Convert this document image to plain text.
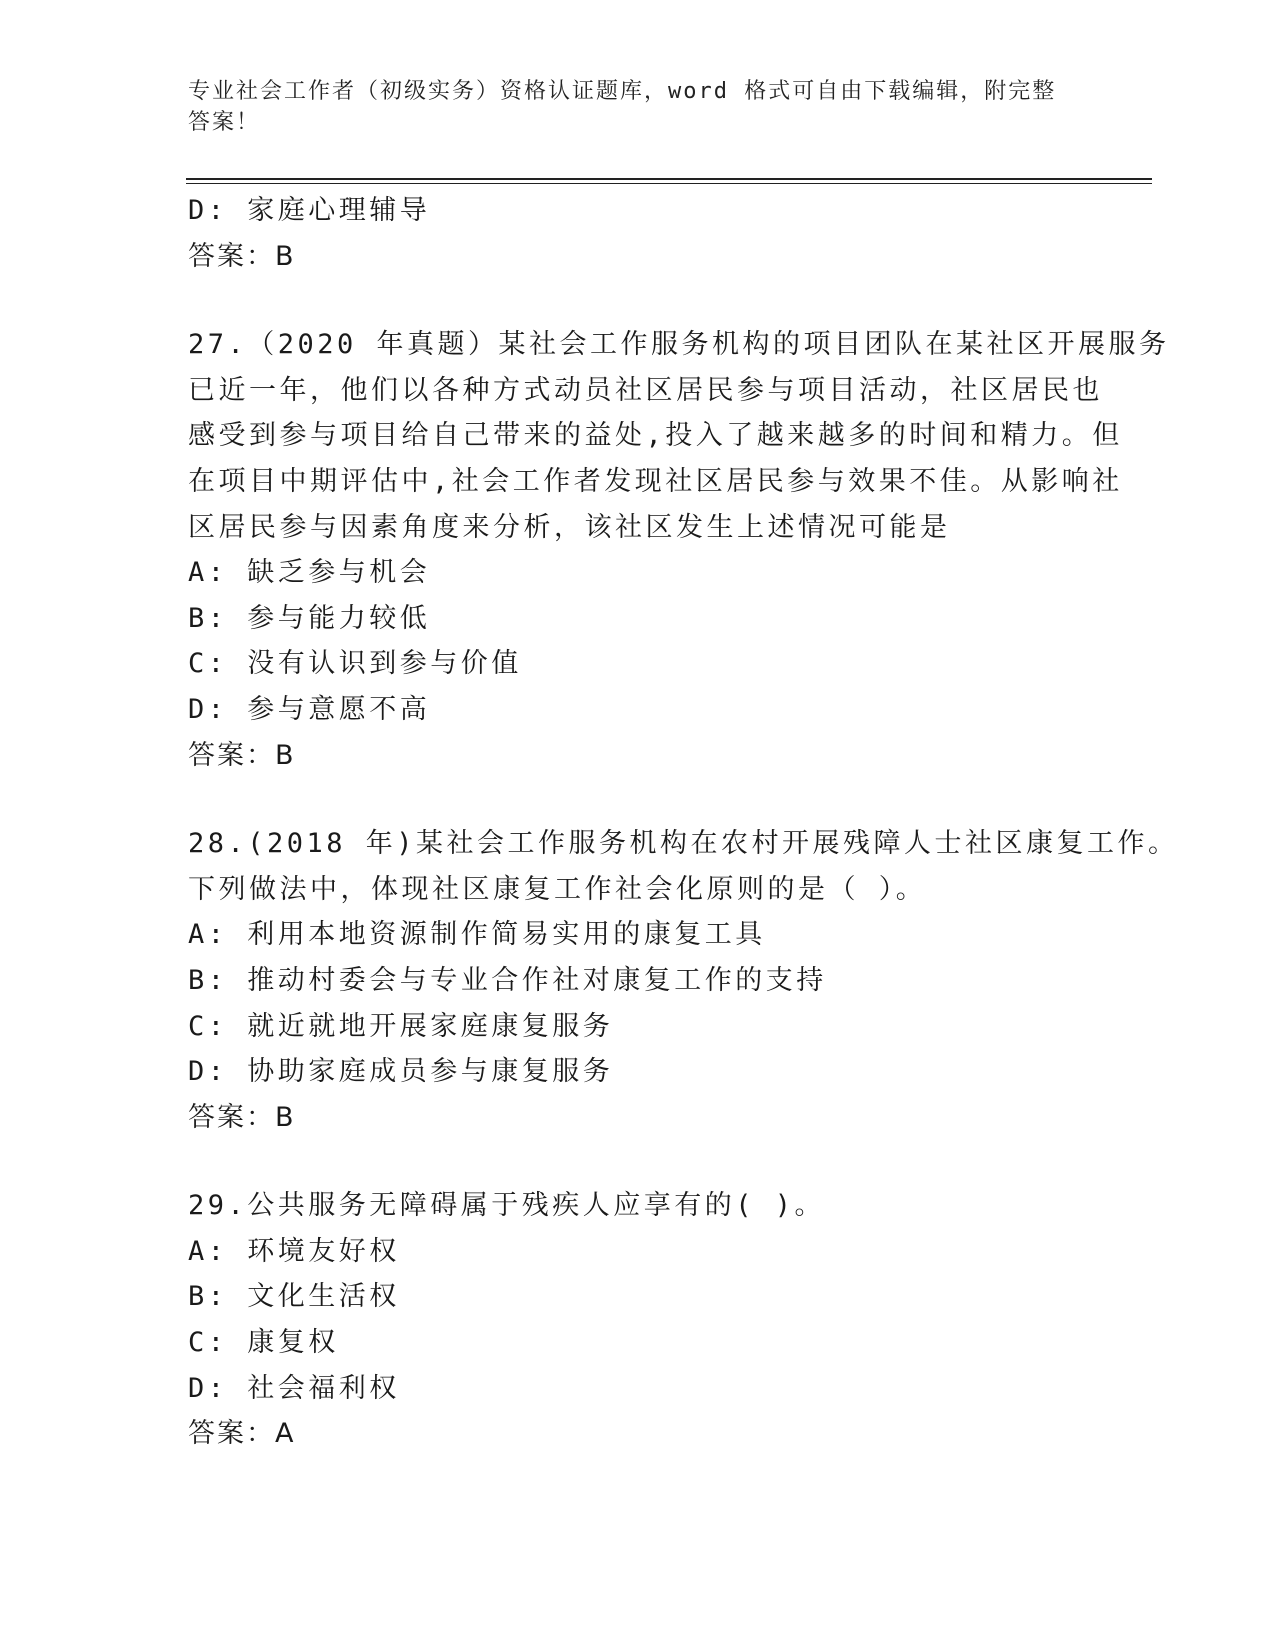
专业社会工作者（初级实务）资格认证题库，word 格式可自由下载编辑，附完整
答案！
D: 家庭心理辅导
答案：B
27.（2020 年真题）某社会工作服务机构的项目团队在某社区开展服务
已近一年，他们以各种方式动员社区居民参与项目活动，社区居民也
感受到参与项目给自己带来的益处,投入了越来越多的时间和精力。但
在项目中期评估中,社会工作者发现社区居民参与效果不佳。从影响社
区居民参与因素角度来分析，该社区发生上述情况可能是
A: 缺乏参与机会
B: 参与能力较低
C: 没有认识到参与价值
D: 参与意愿不高
答案：B
28.(2018 年)某社会工作服务机构在农村开展残障人士社区康复工作。
下列做法中，体现社区康复工作社会化原则的是（ ）。
A: 利用本地资源制作简易实用的康复工具
B: 推动村委会与专业合作社对康复工作的支持
C: 就近就地开展家庭康复服务
D: 协助家庭成员参与康复服务
答案：B
29.公共服务无障碍属于残疾人应享有的( )。
A: 环境友好权
B: 文化生活权
C: 康复权
D: 社会福利权
答案：A
